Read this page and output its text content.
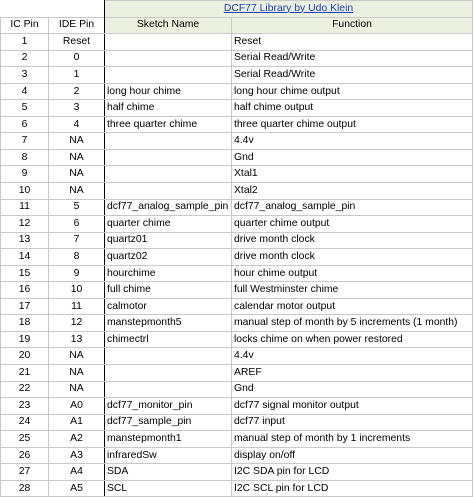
		DCF77 Library by Udo Klein	
IC Pin	IDE Pin	Sketch Name	Function
1	Reset		Reset
2	0		Serial Read/Write
3	1		Serial Read/Write
4	2	long hour chime	long hour chime output
5	3	half chime	half chime output
6	4	three quarter chime	three quarter chime output
7	NA		4.4v
8	NA		Gnd
9	NA		Xtal1
10	NA		Xtal2
11	5	dcf77_analog_sample_pin	dcf77_analog_sample_pin
12	6	quarter chime	quarter chime output
13	7	quartz01	drive month clock
14	8	quartz02	drive month clock
15	9	hourchime	hour chime output
16	10	full chime	full Westminster chime
17	11	calmotor	calendar motor output
18	12	manstepmonth5	manual step of month by 5 increments (1 month)
19	13	chimectrl	locks chime on when power restored
20	NA		4.4v
21	NA		AREF
22	NA		Gnd
23	A0	dcf77_monitor_pin	dcf77 signal monitor output
24	A1	dcf77_sample_pin	dcf77 input
25	A2	manstepmonth1	manual step of month by 1 increments
26	A3	infraredSw	display on/off
27	A4	SDA	I2C SDA pin for LCD
28	A5	SCL	I2C SCL pin for LCD
